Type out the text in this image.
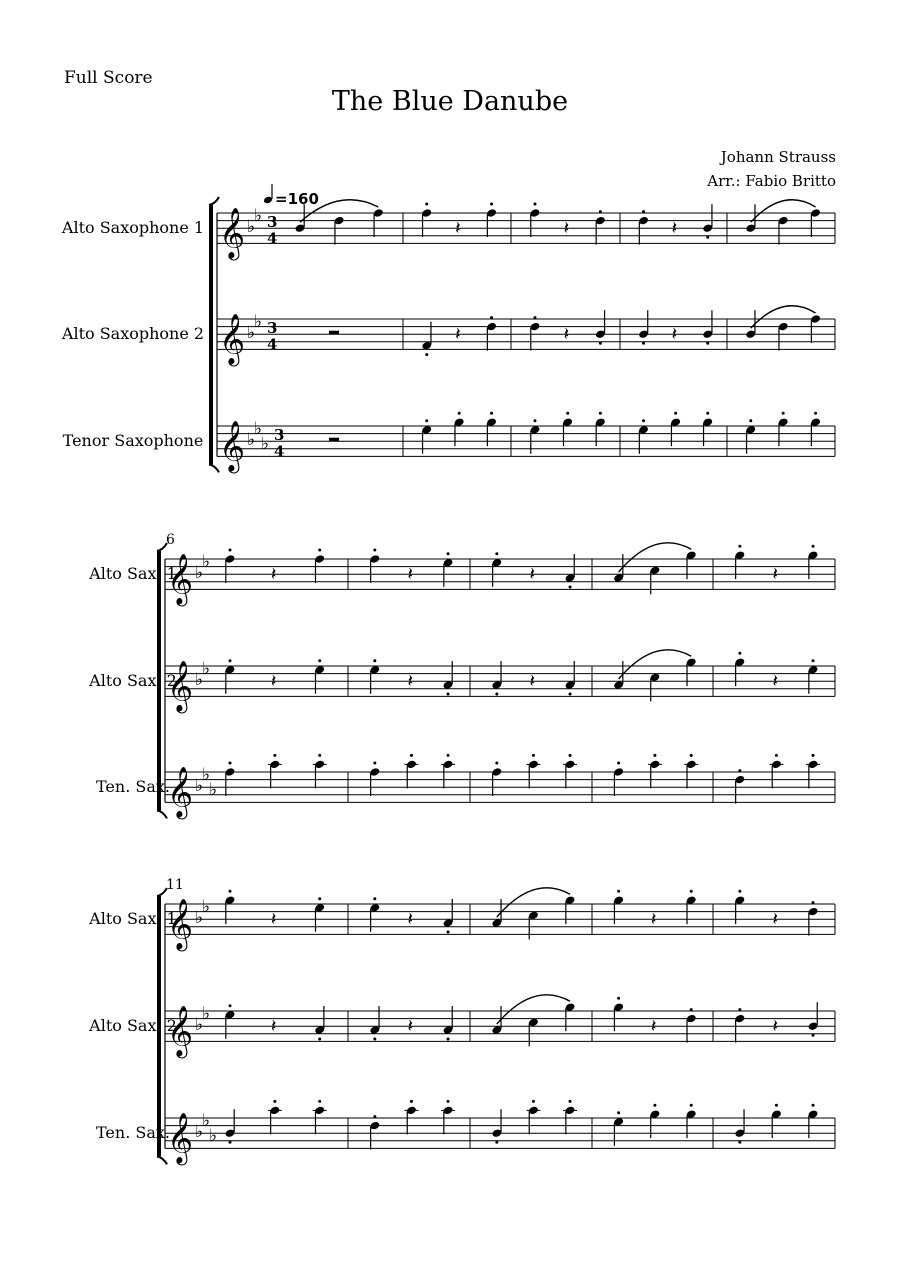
Full Score
The Blue Danube
Johann Strauss
Arr.: Fabio Britto
Alto Saxophone 1 𝄞 ♭
♭ 3
4	𝄽	𝄽	𝄽
Alto Saxophone 2 𝄞 ♭
♭ 3
4	𝄽	𝄽	𝄽
Tenor Saxophone 𝄞 ♭
♭
♭ 3
4
6
Alto Sax. 1
𝄞 ♭
♭
𝄽	𝄽	𝄽	𝄽
Alto Sax. 2
𝄞 ♭
♭
𝄽	𝄽	𝄽	𝄽
Ten. Sax.
𝄞 ♭
♭
♭
11
Alto Sax. 1
𝄞 ♭
♭
𝄽	𝄽	𝄽	𝄽
Alto Sax. 2
𝄞 ♭
♭
𝄽	𝄽	𝄽	𝄽
Ten. Sax.
𝄞 ♭
♭
♭
=160
